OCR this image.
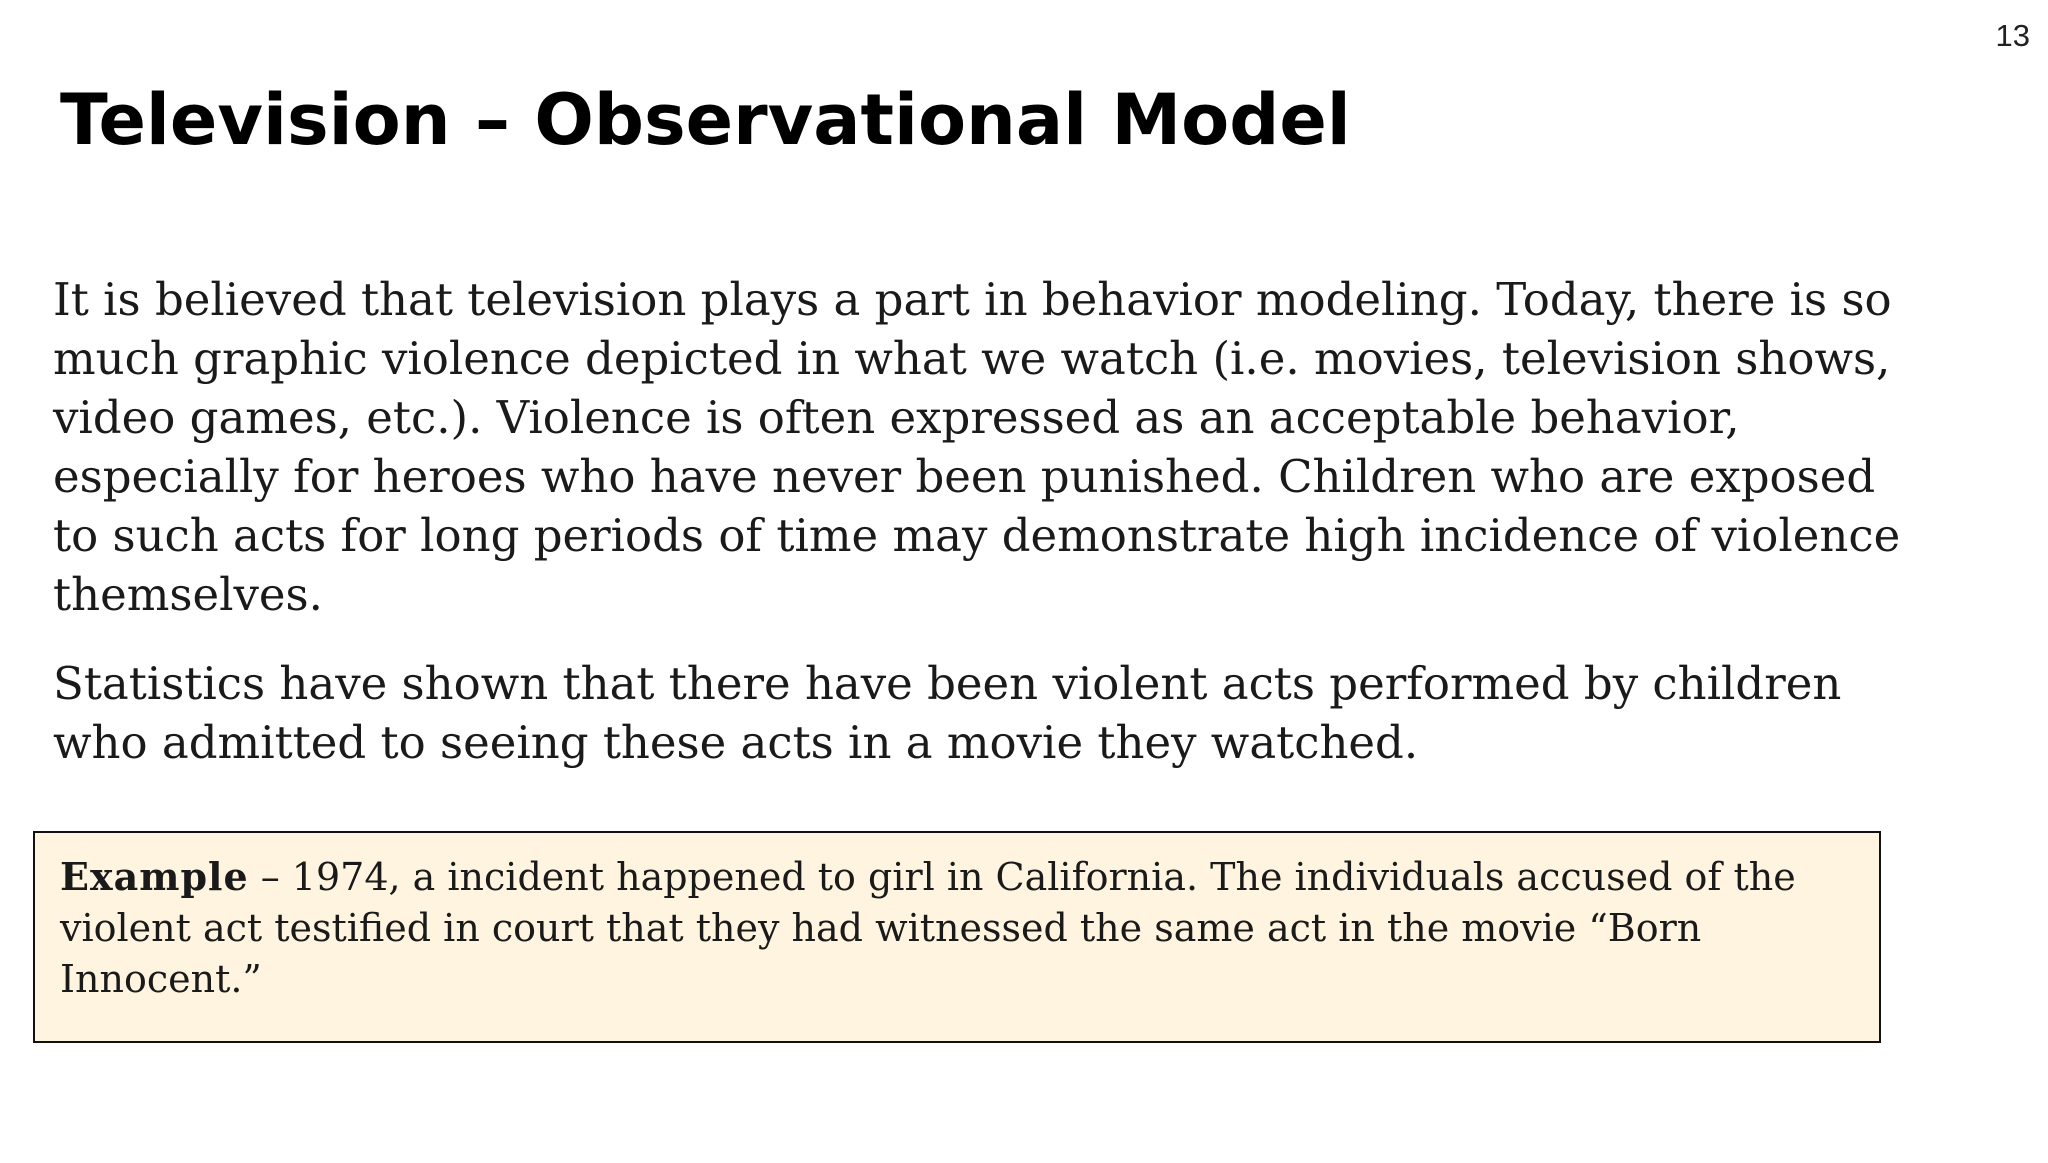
13
Television – Observational Model

It is believed that television plays a part in behavior modeling. Today, there is so much graphic violence depicted in what we watch (i.e. movies, television shows, video games, etc.). Violence is often expressed as an acceptable behavior, especially for heroes who have never been punished. Children who are exposed to such acts for long periods of time may demonstrate high incidence of violence themselves.

Statistics have shown that there have been violent acts performed by children who admitted to seeing these acts in a movie they watched.

Example – 1974, a incident happened to girl in California. The individuals accused of the violent act testified in court that they had witnessed the same act in the movie “Born Innocent.”
